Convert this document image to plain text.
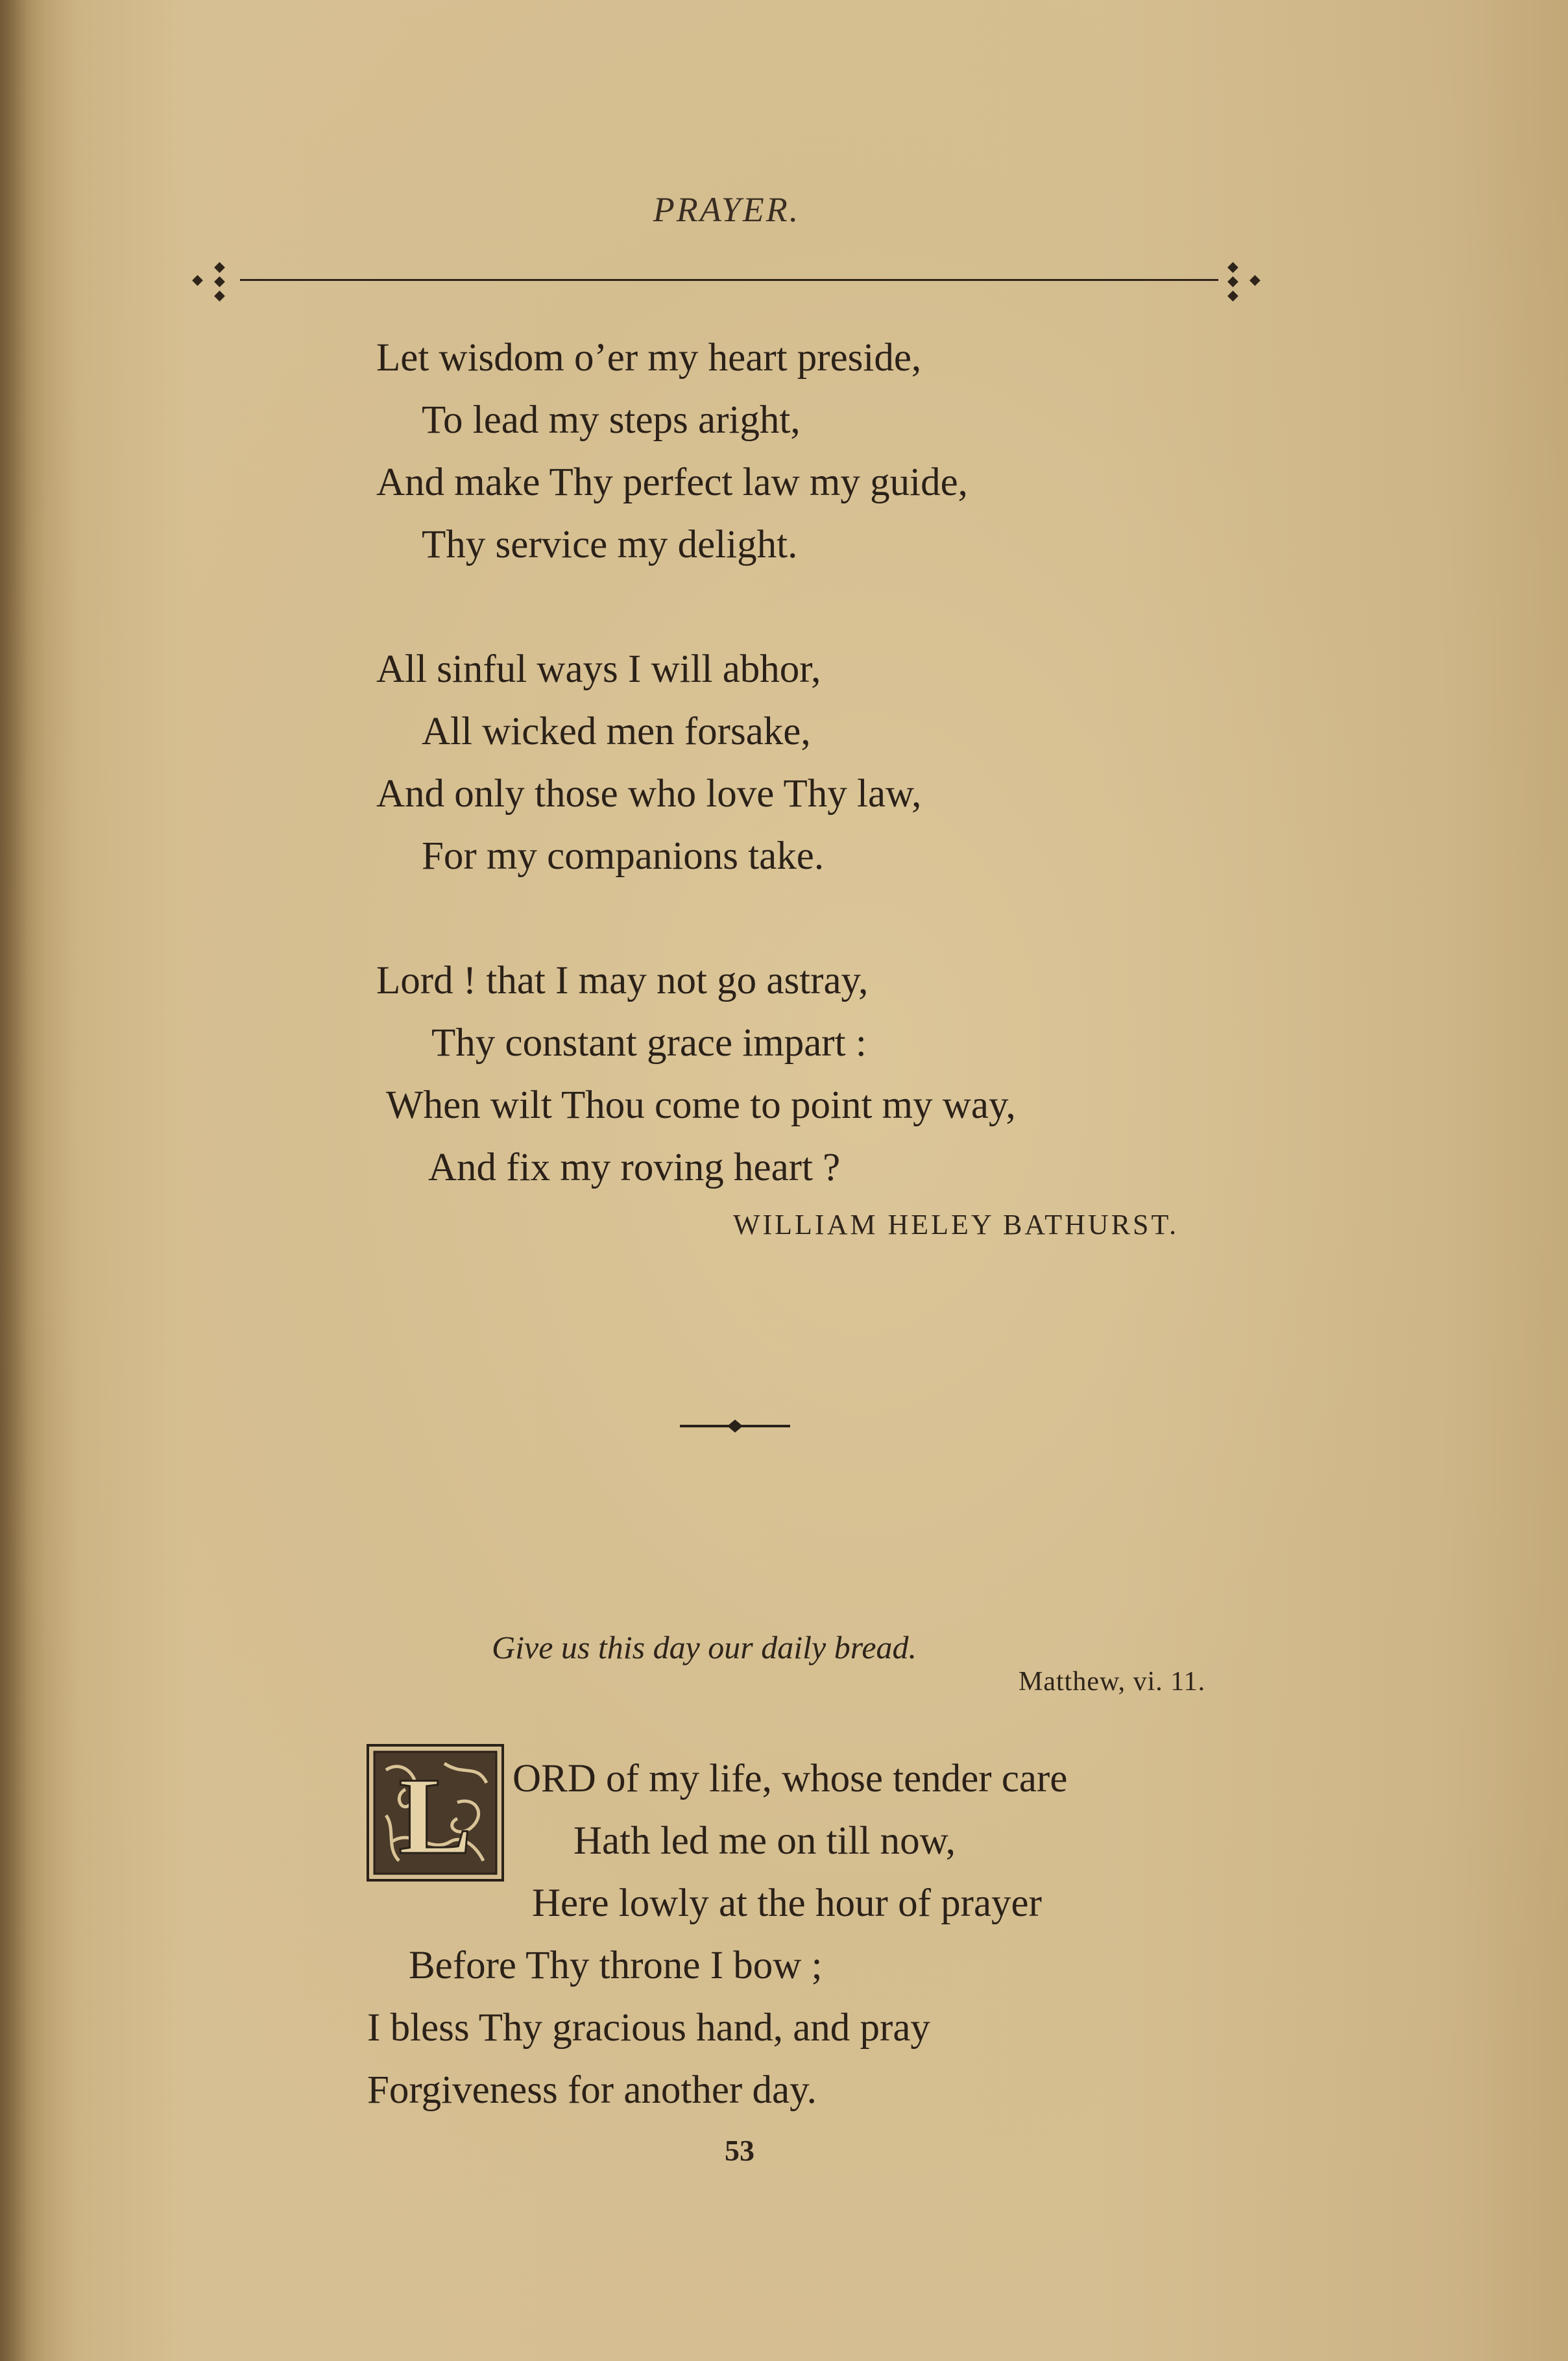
PRAYER.
◆
◆
◆
◆
◆
◆
◆
◆
Let wisdom o’er my heart preside,
To lead my steps aright,
And make Thy perfect law my guide,
Thy service my delight.
All sinful ways I will abhor,
All wicked men forsake,
And only those who love Thy law,
For my companions take.
Lord ! that I may not go astray,
Thy constant grace impart :
When wilt Thou come to point my way,
And fix my roving heart ?
WILLIAM HELEY BATHURST.
Give us this day our daily bread.
Matthew, vi. 11.
L ORD of my life, whose tender care
Hath led me on till now,
Here lowly at the hour of prayer
Before Thy throne I bow ;
I bless Thy gracious hand, and pray
Forgiveness for another day.
53
